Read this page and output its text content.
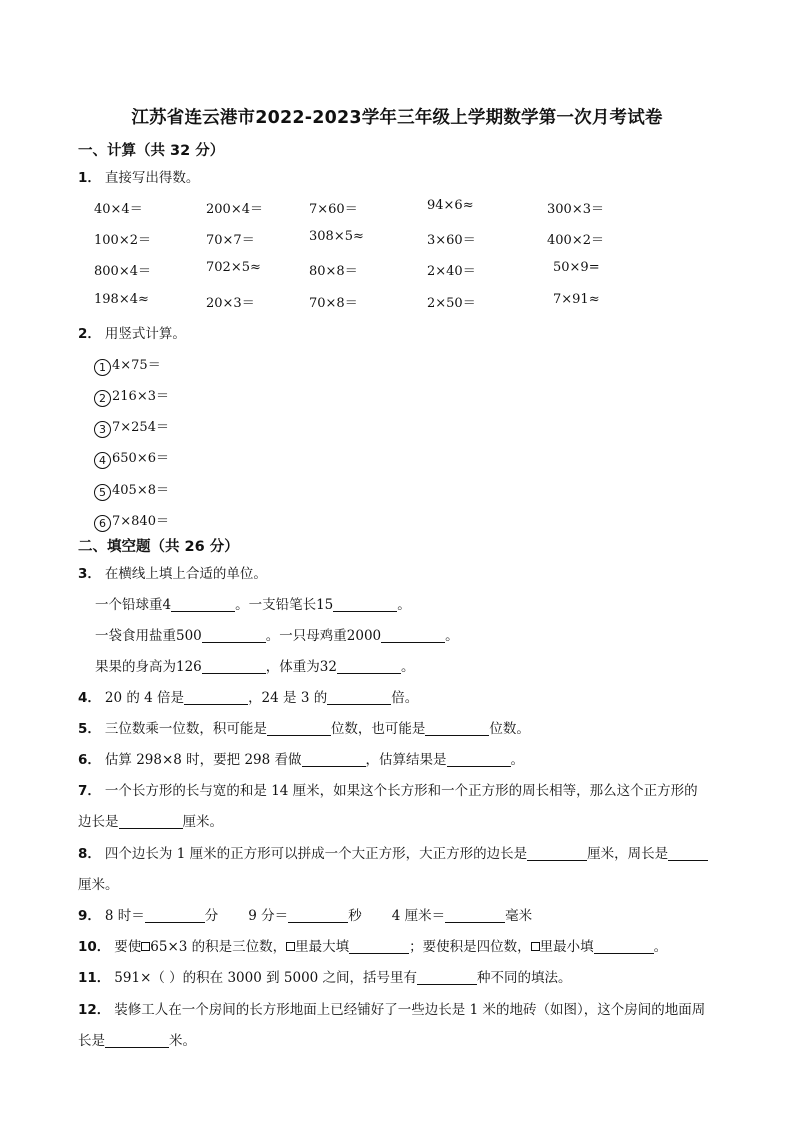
江苏省连云港市2022-2023学年三年级上学期数学第一次月考试卷
一、计算（共 32 分）
1． 直接写出得数。
40×4＝	200×4＝	7×60＝	94×6≈	300×3＝
100×2＝	70×7＝	308×5≈	3×60＝	400×2＝
800×4＝	702×5≈	80×8＝	2×40＝	50×9=
198×4≈	20×3＝	70×8＝	2×50＝	7×91≈
2． 用竖式计算。
1 4×75＝
2 216×3＝
3 7×254＝
4 650×6＝
5 405×8＝
6 7×840＝
二、填空题（共 26 分）
3． 在横线上填上合适的单位。
一个铅球重4	。一支铅笔长15	。
一袋食用盐重500	。一只母鸡重2000	。
果果的身高为126	，体重为32	。
4． 20 的 4 倍是	，24 是 3 的	倍。
5． 三位数乘一位数，积可能是	位数，也可能是	位数。
6． 估算 298×8 时，要把 298 看做	，估算结果是	。
7． 一个长方形的长与宽的和是 14 厘米，如果这个长方形和一个正方形的周长相等，那么这个正方形的
边长是	厘米。
8． 四个边长为 1 厘米的正方形可以拼成一个大正方形，大正方形的边长是	厘米，周长是
厘米。
9． 8 时＝	分 9 分＝	秒 4 厘米＝	毫米
10． 要使 65×3 的积是三位数， 里最大填	；要使积是四位数， 里最小填	。
11． 591×（ ）的积在 3000 到 5000 之间，括号里有	种不同的填法。
12． 装修工人在一个房间的长方形地面上已经铺好了一些边长是 1 米的地砖（如图），这个房间的地面周
长是	米。
